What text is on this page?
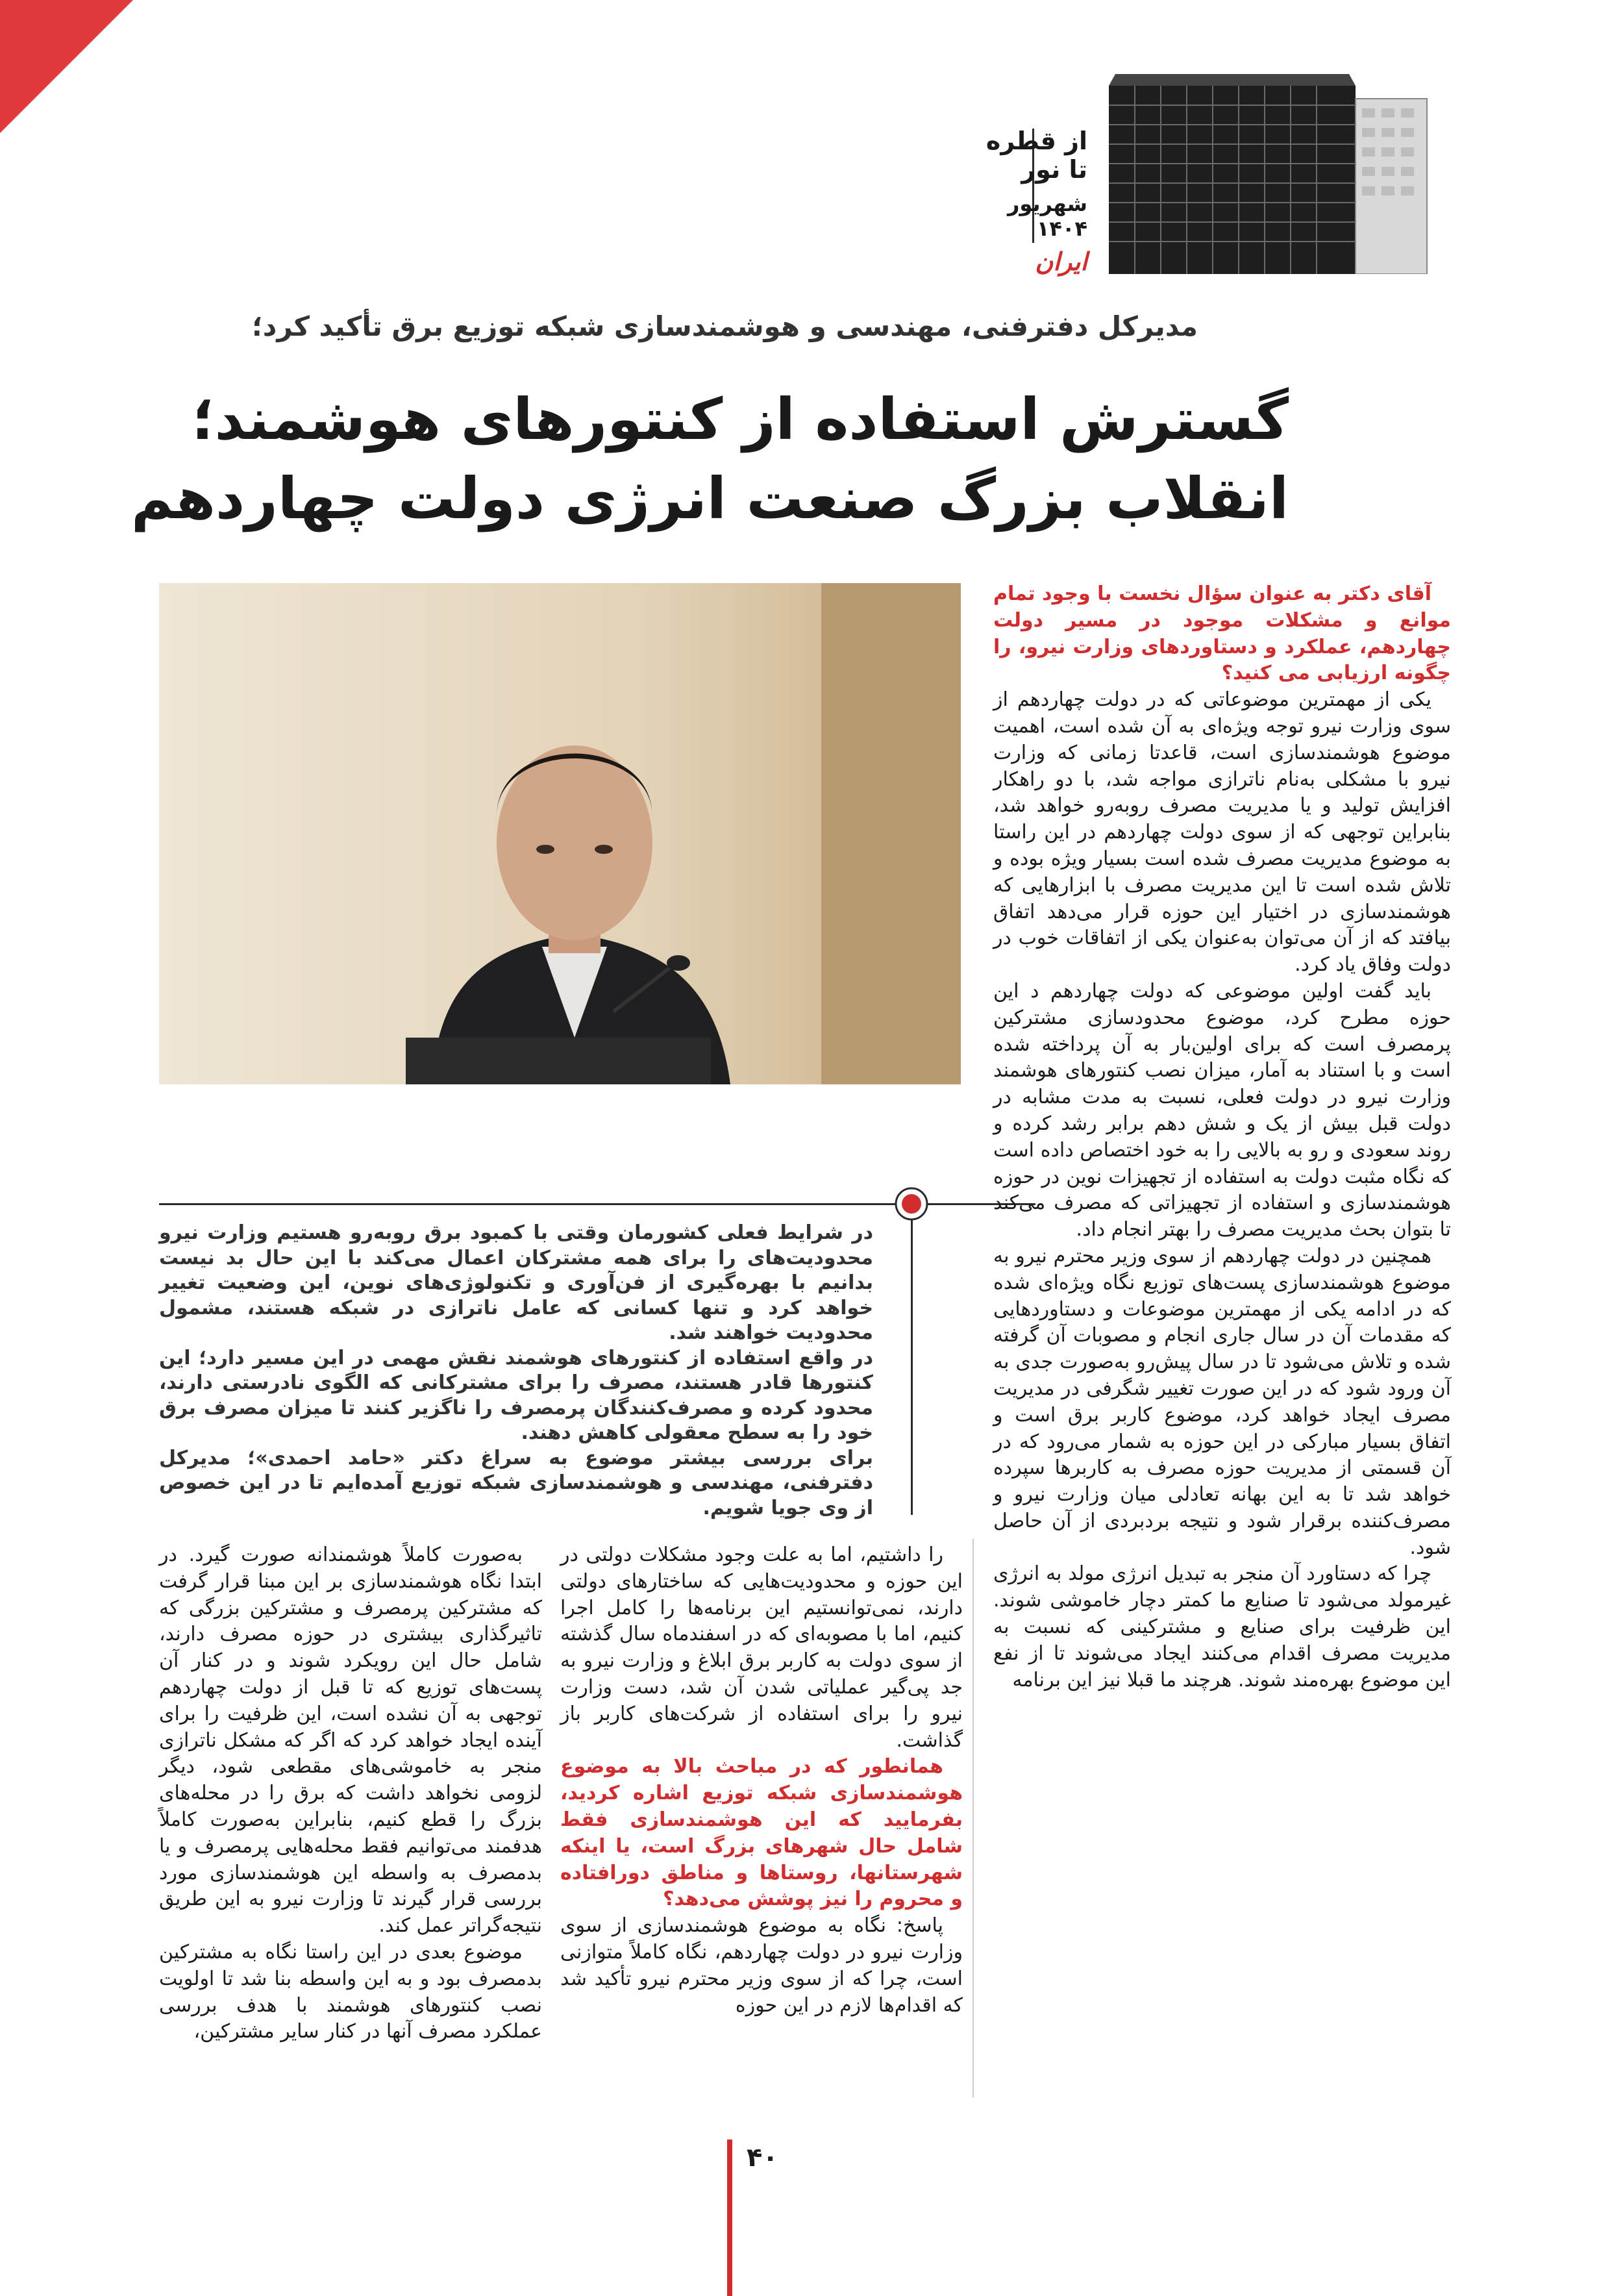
از قطره تا نور
شهریور ۱۴۰۴
ایران
مدیرکل دفترفنی، مهندسی و هوشمندسازی شبکه توزیع برق تأکید کرد؛
گسترش استفاده از کنتورهای هوشمند؛
انقلاب بزرگ صنعت انرژی دولت چهاردهم

در شرایط فعلی کشورمان وقتی با کمبود برق روبه‌رو هستیم وزارت نیرو محدودیت‌های را برای همه مشترکان اعمال می‌کند با این حال بد نیست بدانیم با بهره‌گیری از فن‌آوری و تکنولوژی‌های نوین، این وضعیت تغییر خواهد کرد و تنها کسانی که عامل ناترازی در شبکه هستند، مشمول محدودیت خواهند شد.

در واقع استفاده از کنتورهای هوشمند نقش مهمی در این مسیر دارد؛ این کنتورها قادر هستند، مصرف را برای مشترکانی که الگوی نادرستی دارند، محدود کرده و مصرف‌کنندگان پرمصرف را ناگزیر کنند تا میزان مصرف برق خود را به سطح معقولی کاهش دهند.

برای بررسی بیشتر موضوع به سراغ دکتر «حامد احمدی»؛ مدیرکل دفترفنی، مهندسی و هوشمندسازی شبکه توزیع آمده‌ایم تا در این خصوص از وی جویا شویم.

آقای دکتر به عنوان سؤال نخست با وجود تمام موانع و مشکلات موجود در مسیر دولت چهاردهم، عملکرد و دستاوردهای وزارت نیرو، را چگونه ارزیابی می کنید؟

یکی از مهمترین موضوعاتی که در دولت چهاردهم از سوی وزارت نیرو توجه ویژه‌ای به آن شده است، اهمیت موضوع هوشمندسازی است، قاعدتا زمانی که وزارت نیرو با مشکلی به‌نام ناترازی مواجه شد، با دو راهکار افزایش تولید و یا مدیریت مصرف روبه‌رو خواهد شد، بنابراین توجهی که از سوی دولت چهاردهم در این راستا به موضوع مدیریت مصرف شده است بسیار ویژه بوده و تلاش شده است تا این مدیریت مصرف با ابزارهایی که هوشمندسازی در اختیار این حوزه قرار می‌دهد اتفاق بیافتد که از آن می‌توان به‌عنوان یکی از اتفاقات خوب در دولت وفاق یاد کرد.

باید گفت اولین موضوعی که دولت چهاردهم د این حوزه مطرح کرد، موضوع محدودسازی مشترکین پرمصرف است که برای اولین‌بار به آن پرداخته شده است و با استناد به آمار، میزان نصب کنتورهای هوشمند وزارت نیرو در دولت فعلی، نسبت به مدت مشابه در دولت قبل بیش از یک و شش دهم برابر رشد کرده و روند سعودی و رو به بالایی را به خود اختصاص داده است که نگاه مثبت دولت به استفاده از تجهیزات نوین در حوزه هوشمندسازی و استفاده از تجهیزاتی که مصرف می‌کند تا بتوان بحث مدیریت مصرف را بهتر انجام داد.

همچنین در دولت چهاردهم از سوی وزیر محترم نیرو به موضوع هوشمندسازی پست‌های توزیع نگاه ویژه‌ای شده که در ادامه یکی از مهمترین موضوعات و دستاوردهایی که مقدمات آن در سال جاری انجام و مصوبات آن گرفته شده و تلاش می‌شود تا در سال پیش‌رو به‌صورت جدی به آن ورود شود که در این صورت تغییر شگرفی در مدیریت مصرف ایجاد خواهد کرد، موضوع کاربر برق است و اتفاق بسیار مبارکی در این حوزه به شمار می‌رود که در آن قسمتی از مدیریت حوزه مصرف به کاربرها سپرده خواهد شد تا به این بهانه تعادلی میان وزارت نیرو و مصرف‌کننده برقرار شود و نتیجه برد‌برد‌ی از آن حاصل شود.

چرا که دستاورد آن منجر به تبدیل انرژی مولد به انرژی غیرمولد می‌شود تا صنایع ما کمتر دچار خاموشی شوند. این ظرفیت برای صنایع و مشترکینی که نسبت به مدیریت مصرف اقدام می‌کنند ایجاد می‌شوند تا از نفع این موضوع بهره‌مند شوند. هرچند ما قبلا نیز این برنامه

را داشتیم، اما به علت وجود مشکلات دولتی در این حوزه و محدودیت‌هایی که ساختارهای دولتی دارند، نمی‌توانستیم این برنامه‌ها را کامل اجرا کنیم، اما با مصوبه‌ای که در اسفندماه سال گذشته از سوی دولت به کاربر برق ابلاغ و وزارت نیرو به جد پی‌گیر عملیاتی شدن آن شد، دست وزارت نیرو را برای استفاده از شرکت‌های کاربر باز گذاشت.

همانطور که در مباحث بالا به موضوع هوشمندسازی شبکه توزیع اشاره کردید، بفرمایید که این هوشمندسازی فقط شامل حال شهرهای بزرگ است، یا اینکه شهرستانها، روستاها و مناطق دورافتاده و محروم را نیز پوشش می‌دهد؟

پاسخ: نگاه به موضوع هوشمندسازی از سوی وزارت نیرو در دولت چهاردهم، نگاه کاملاً متوازنی است، چرا که از سوی وزیر محترم نیرو تأکید شد که اقدام‌ها لازم در این حوزه

به‌صورت کاملاً هوشمندانه صورت گیرد. در ابتدا نگاه هوشمندسازی بر این مبنا قرار گرفت که مشترکین پرمصرف و مشترکین بزرگی که تاثیرگذاری بیشتری در حوزه مصرف دارند، شامل حال این رویکرد شوند و در کنار آن پست‌های توزیع که تا قبل از دولت چهاردهم توجهی به آن نشده است، این ظرفیت را برای آینده ایجاد خواهد کرد که اگر که مشکل ناترازی منجر به خاموشی‌های مقطعی شود، دیگر لزومی نخواهد داشت که برق را در محله‌های بزرگ را قطع کنیم، بنابراین به‌صورت کاملاً هدفمند می‌توانیم فقط محله‌هایی پرمصرف و یا بدمصرف به واسطه این هوشمندسازی مورد بررسی قرار گیرند تا وزارت نیرو به این طریق نتیجه‌گراتر عمل کند.

موضوع بعدی در این راستا نگاه به مشترکین بدمصرف بود و به این واسطه بنا شد تا اولویت نصب کنتورهای هوشمند با هدف بررسی عملکرد مصرف آنها در کنار سایر مشترکین،

۴۰
